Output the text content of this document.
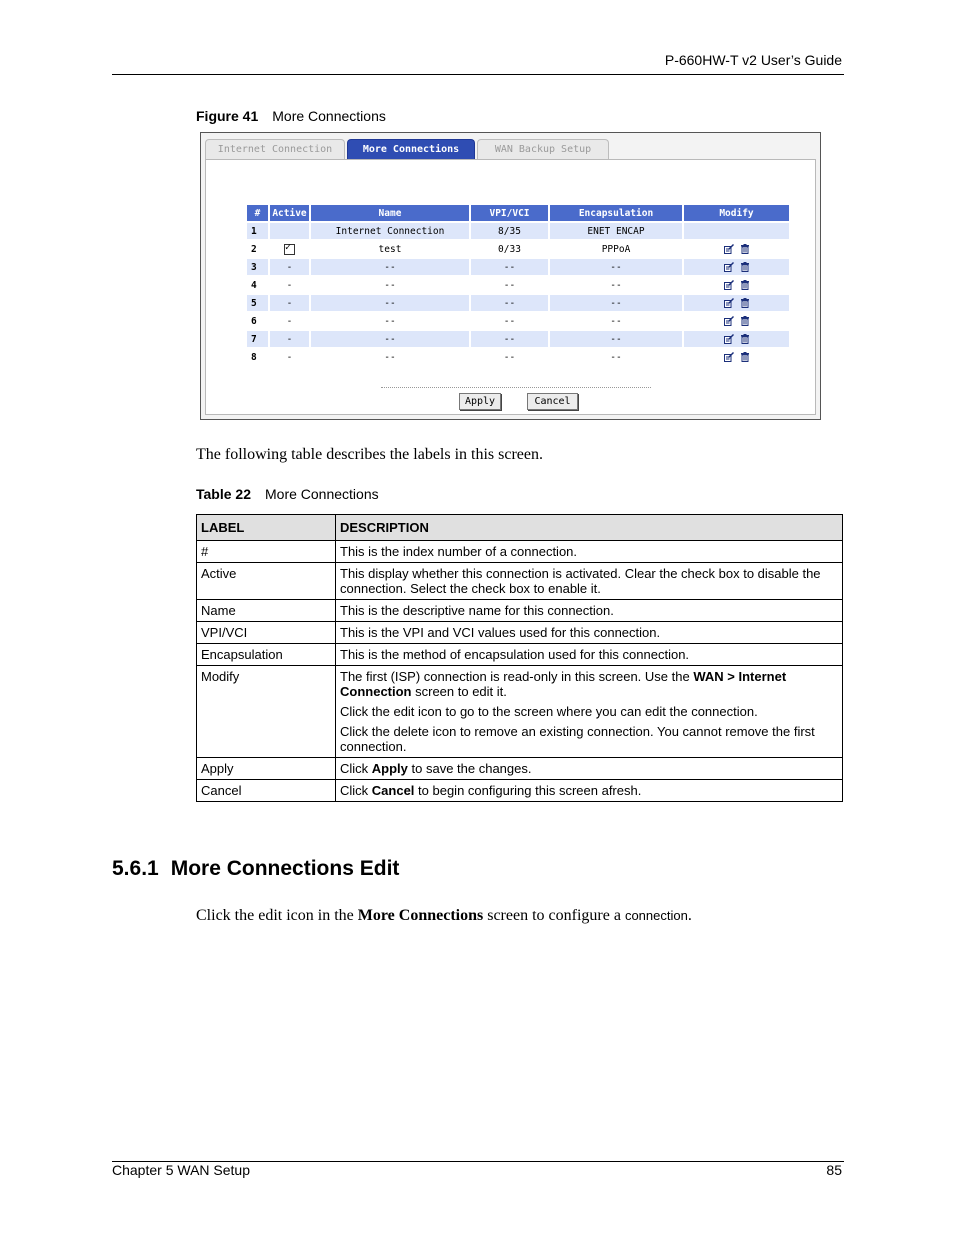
P-660HW-T v2 User’s Guide
Figure 41 More Connections
Internet Connection	More Connections	WAN Backup Setup
#	Active	Name	VPI/VCI	Encapsulation	Modify
1		Internet Connection	8/35	ENET ENCAP	
2	✓	test	0/33	PPPoA	
3	-	--	--	--	
4	-	--	--	--	
5	-	--	--	--	
6	-	--	--	--	
7	-	--	--	--	
8	-	--	--	--	
Apply	Cancel
The following table describes the labels in this screen.
Table 22 More Connections
LABEL	DESCRIPTION
#	This is the index number of a connection.

Active	This display whether this connection is activated. Clear the check box to disable the connection. Select the check box to enable it.

Name	This is the descriptive name for this connection.

VPI/VCI	This is the VPI and VCI values used for this connection.

Encapsulation	This is the method of encapsulation used for this connection.

Modify	The first (ISP) connection is read-only in this screen. Use the WAN > Internet Connection screen to edit it.

Click the edit icon to go to the screen where you can edit the connection.

Click the delete icon to remove an existing connection. You cannot remove the first connection.

Apply	Click Apply to save the changes.

Cancel	Click Cancel to begin configuring this screen afresh.

5.6.1 More Connections Edit
Click the edit icon in the More Connections screen to configure a connection.
Chapter 5 WAN Setup	85
